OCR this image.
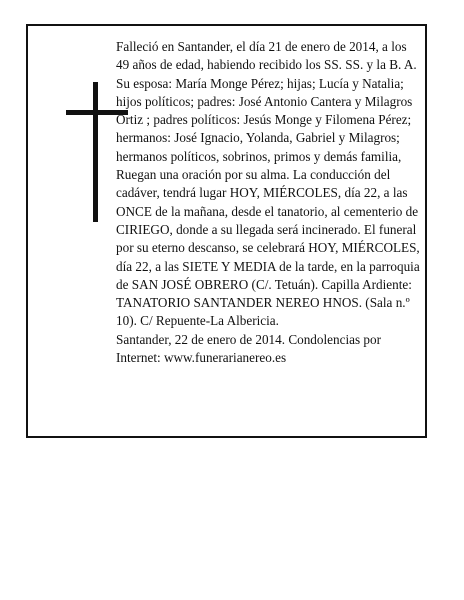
Falleció en Santander, el día 21 de enero de 2014, a los 49 años de edad, habiendo recibido los SS. SS. y la B. A.

Su esposa: María Monge Pérez; hijas; Lucía y Natalia; hijos políticos; padres: José Antonio Cantera y Milagros Ortiz ; padres políticos: Jesús Monge y Filomena Pérez; hermanos: José Ignacio, Yolanda, Gabriel y Milagros; hermanos políticos, sobrinos, primos y demás familia,

Ruegan una oración por su alma. La conducción del cadáver, tendrá lugar HOY, MIÉRCOLES, día 22, a las ONCE de la mañana, desde el tanatorio, al cementerio de CIRIEGO, donde a su llegada será incinerado. El funeral por su eterno descanso, se celebrará HOY, MIÉRCOLES, día 22, a las SIETE Y MEDIA de la tarde, en la parroquia de SAN JOSÉ OBRERO (C/. Tetuán). Capilla Ardiente: TANATORIO SANTANDER NEREO HNOS. (Sala n.º 10). C/ Repuente-La Albericia.

Santander, 22 de enero de 2014. Condolencias por Internet: www.funerarianereo.es
